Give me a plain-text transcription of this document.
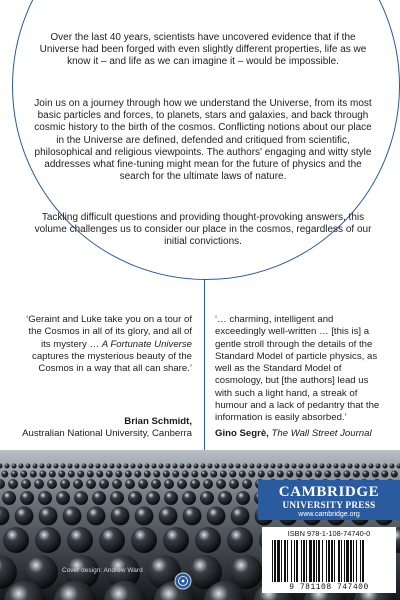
Over the last 40 years, scientists have uncovered evidence that if the Universe had been forged with even slightly different properties, life as we know it – and life as we can imagine it – would be impossible.

Join us on a journey through how we understand the Universe, from its most basic particles and forces, to planets, stars and galaxies, and back through cosmic history to the birth of the cosmos. Conflicting notions about our place in the Universe are defined, defended and critiqued from scientific, philosophical and religious viewpoints. The authors' engaging and witty style addresses what fine-tuning might mean for the future of physics and the search for the ultimate laws of nature.

Tackling difficult questions and providing thought-provoking answers, this volume challenges us to consider our place in the cosmos, regardless of our initial convictions.

‘Geraint and Luke take you on a tour of the Cosmos in all of its glory, and all of its mystery … A Fortunate Universe captures the mysterious beauty of the Cosmos in a way that all can share.’

Brian Schmidt,
Australian National University, Canberra

‘… charming, intelligent and exceedingly well-written … [this is] a gentle stroll through the details of the Standard Model of particle physics, as well as the Standard Model of cosmology, but [the authors] lead us with such a light hand, a streak of humour and a lack of pedantry that the information is easily absorbed.’

Gino Segrè, The Wall Street Journal

CAMBRIDGE
UNIVERSITY PRESS
www.cambridge.org
ISBN 978-1-108-74740-0
9 781108 747400
Cover design: Andrew Ward
